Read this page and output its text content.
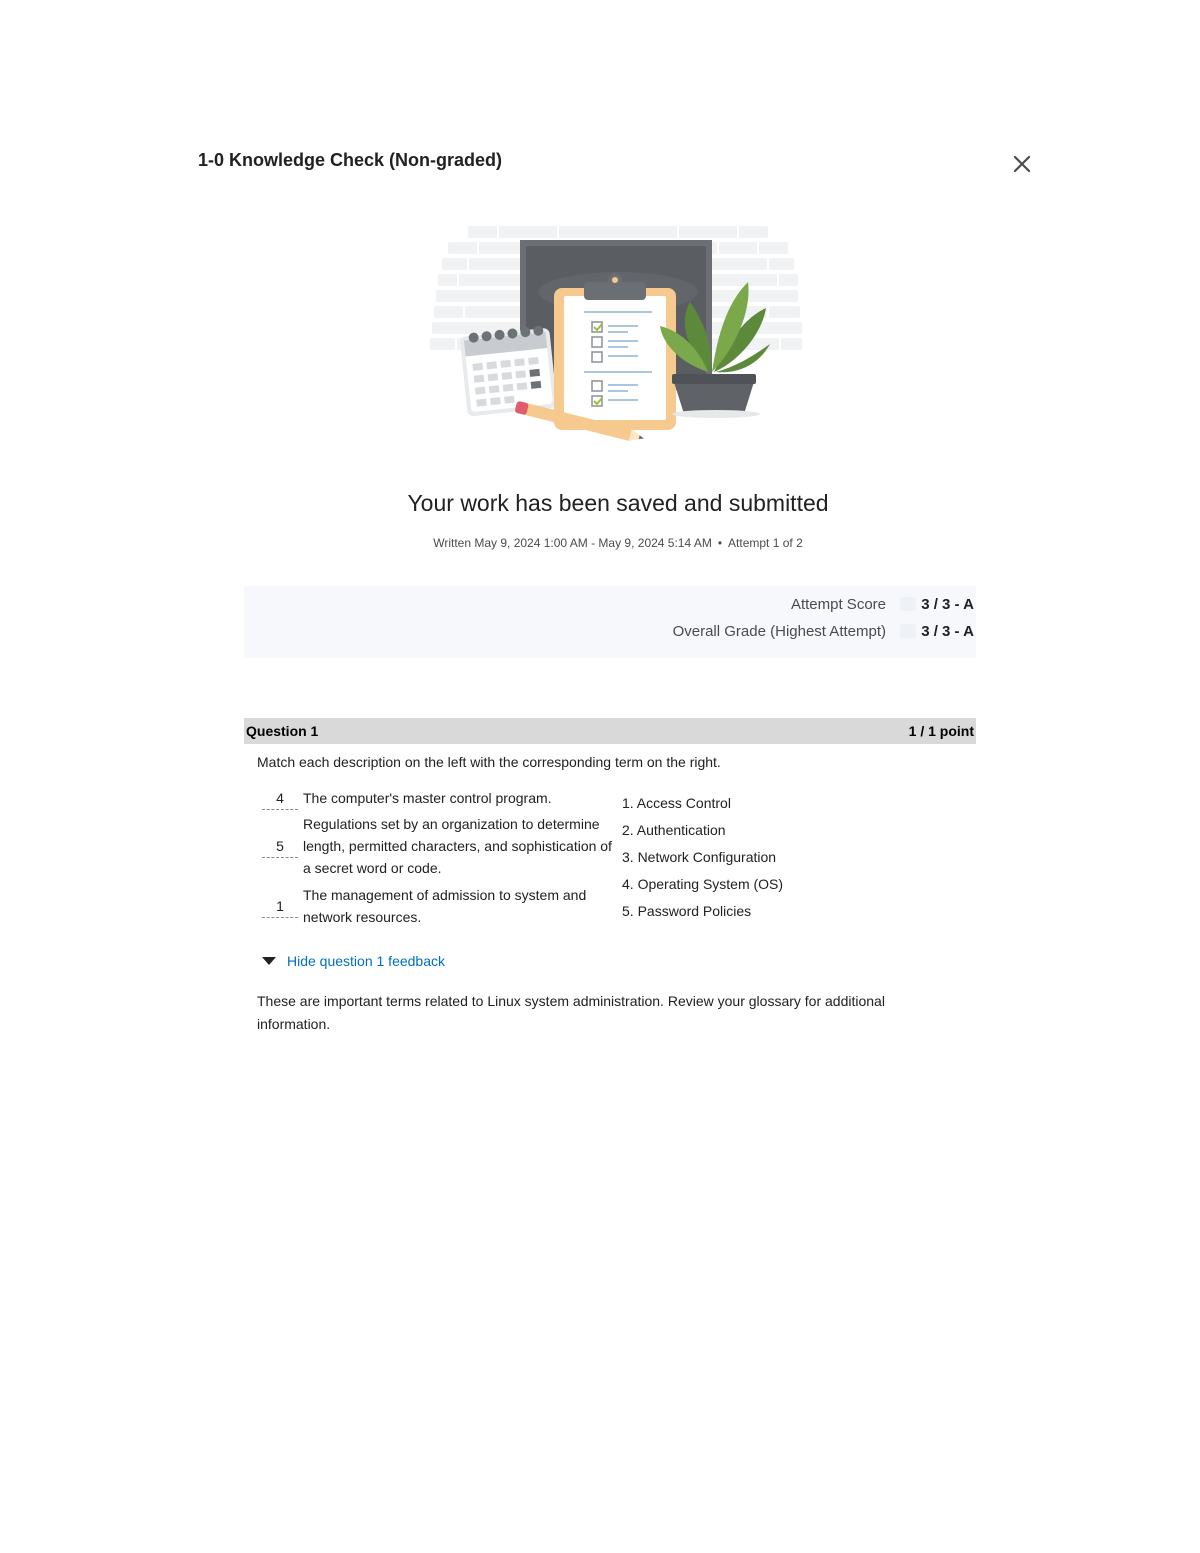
1-0 Knowledge Check (Non-graded)
Your work has been saved and submitted
Written May 9, 2024 1:00 AM - May 9, 2024 5:14 AM • Attempt 1 of 2
Attempt Score 3 / 3 - A
Overall Grade (Highest Attempt) 3 / 3 - A
Question 1	1 / 1 point
Match each description on the left with the corresponding term on the right.
4	The computer's master control program.
5
Regulations set by an organization to determine length, permitted characters, and sophistication of a secret word or code.
1
The management of admission to system and network resources.
1. Access Control
2. Authentication
3. Network Configuration
4. Operating System (OS)
5. Password Policies
Hide question 1 feedback
These are important terms related to Linux system administration. Review your glossary for additional information.
